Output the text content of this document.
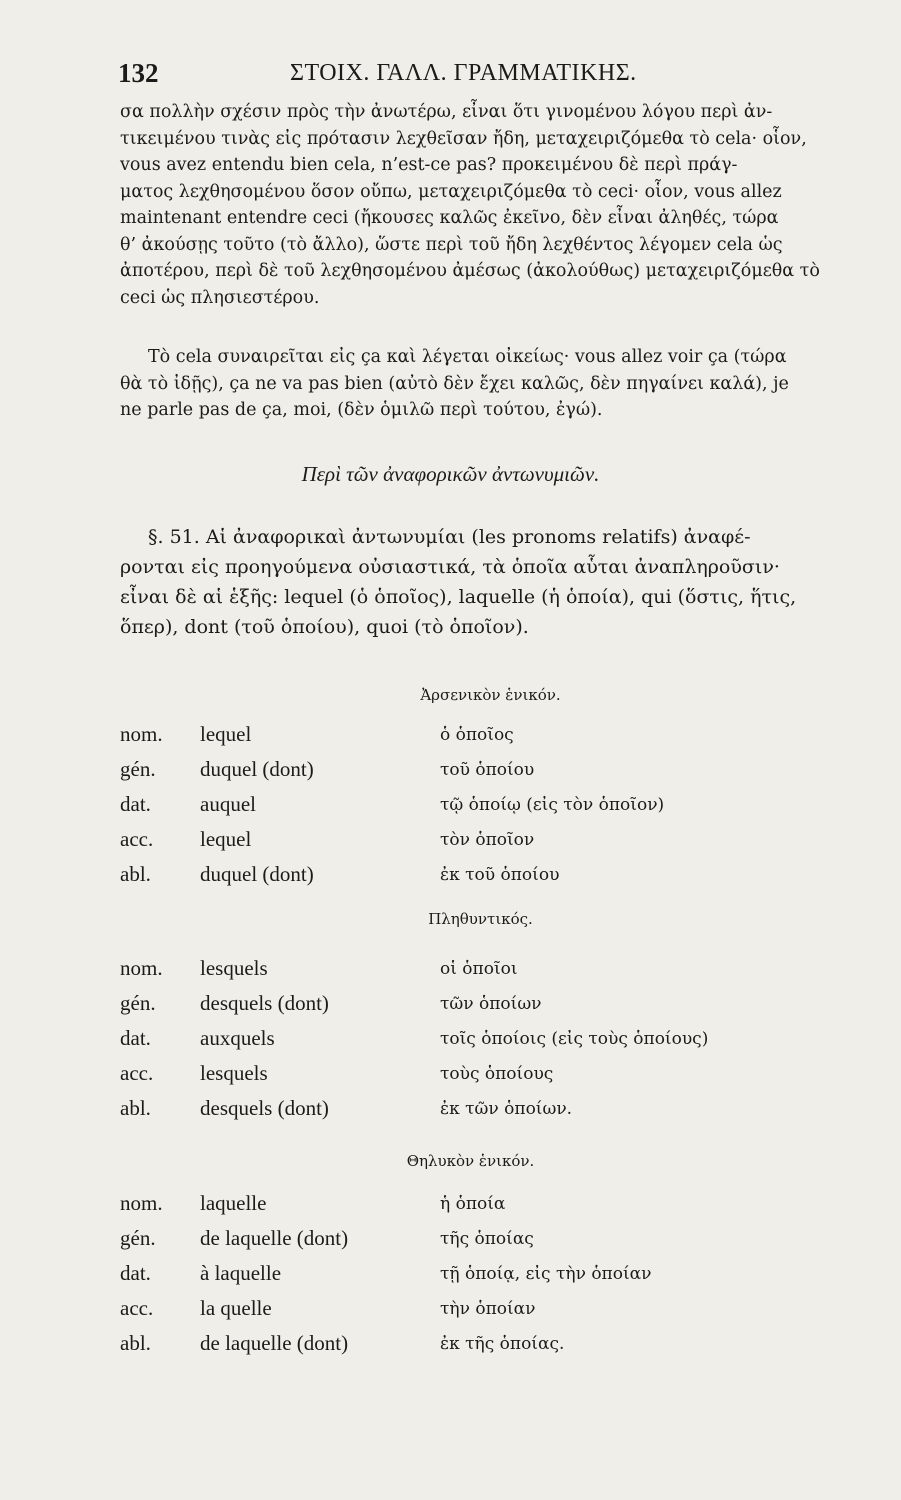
132	ΣΤΟΙΧ. ΓΑΛΛ. ΓΡΑΜΜΑΤΙΚΗΣ.
σα πολλὴν σχέσιν πρὸς τὴν ἀνωτέρω, εἶναι ὅτι γινομένου λόγου περὶ ἀν-
τικειμένου τινὰς εἰς πρότασιν λεχθεῖσαν ἤδη, μεταχειριζόμεθα τὸ cela· οἷον,
vous avez entendu bien cela, n’est-ce pas? προκειμένου δὲ περὶ πράγ-
ματος λεχθησομένου ὅσον οὔπω, μεταχειριζόμεθα τὸ ceci· οἷον, vous allez
maintenant entendre ceci (ἤκουσες καλῶς ἐκεῖνο, δὲν εἶναι ἀληθές, τώρα
θ’ ἀκούσῃς τοῦτο (τὸ ἄλλο), ὥστε περὶ τοῦ ἤδη λεχθέντος λέγομεν cela ὡς
ἀποτέρου, περὶ δὲ τοῦ λεχθησομένου ἀμέσως (ἀκολούθως) μεταχειριζόμεθα τὸ
ceci ὡς πλησιεστέρου.
Τὸ cela συναιρεῖται εἰς ça καὶ λέγεται οἰκείως· vous allez voir ça (τώρα
θὰ τὸ ἰδῇς), ça ne va pas bien (αὐτὸ δὲν ἔχει καλῶς, δὲν πηγαίνει καλά), je
ne parle pas de ça, moi, (δὲν ὁμιλῶ περὶ τούτου, ἐγώ).
Περὶ τῶν ἀναφορικῶν ἀντωνυμιῶν.
§. 51. Αἱ ἀναφορικαὶ ἀντωνυμίαι (les pronoms relatifs) ἀναφέ-
ρονται εἰς προηγούμενα οὐσιαστικά, τὰ ὁποῖα αὗται ἀναπληροῦσιν·
εἶναι δὲ αἱ ἑξῆς: lequel (ὁ ὁποῖος), laquelle (ἡ ὁποία), qui (ὅστις, ἥτις,
ὅπερ), dont (τοῦ ὁποίου), quoi (τὸ ὁποῖον).
Ἀρσενικὸν ἑνικόν.
nom. lequel	ὁ ὁποῖος
gén. duquel (dont)	τοῦ ὁποίου
dat. auquel	τῷ ὁποίῳ (εἰς τὸν ὁποῖον)
acc. lequel	τὸν ὁποῖον
abl. duquel (dont)	ἐκ τοῦ ὁποίου
Πληθυντικός.
nom. lesquels	οἱ ὁποῖοι
gén. desquels (dont)	τῶν ὁποίων
dat. auxquels	τοῖς ὁποίοις (εἰς τοὺς ὁποίους)
acc. lesquels	τοὺς ὁποίους
abl. desquels (dont)	ἐκ τῶν ὁποίων.
Θηλυκὸν ἑνικόν.
nom. laquelle	ἡ ὁποία
gén. de laquelle (dont)	τῆς ὁποίας
dat. à laquelle	τῇ ὁποίᾳ, εἰς τὴν ὁποίαν
acc. la quelle	τὴν ὁποίαν
abl. de laquelle (dont)	ἐκ τῆς ὁποίας.
